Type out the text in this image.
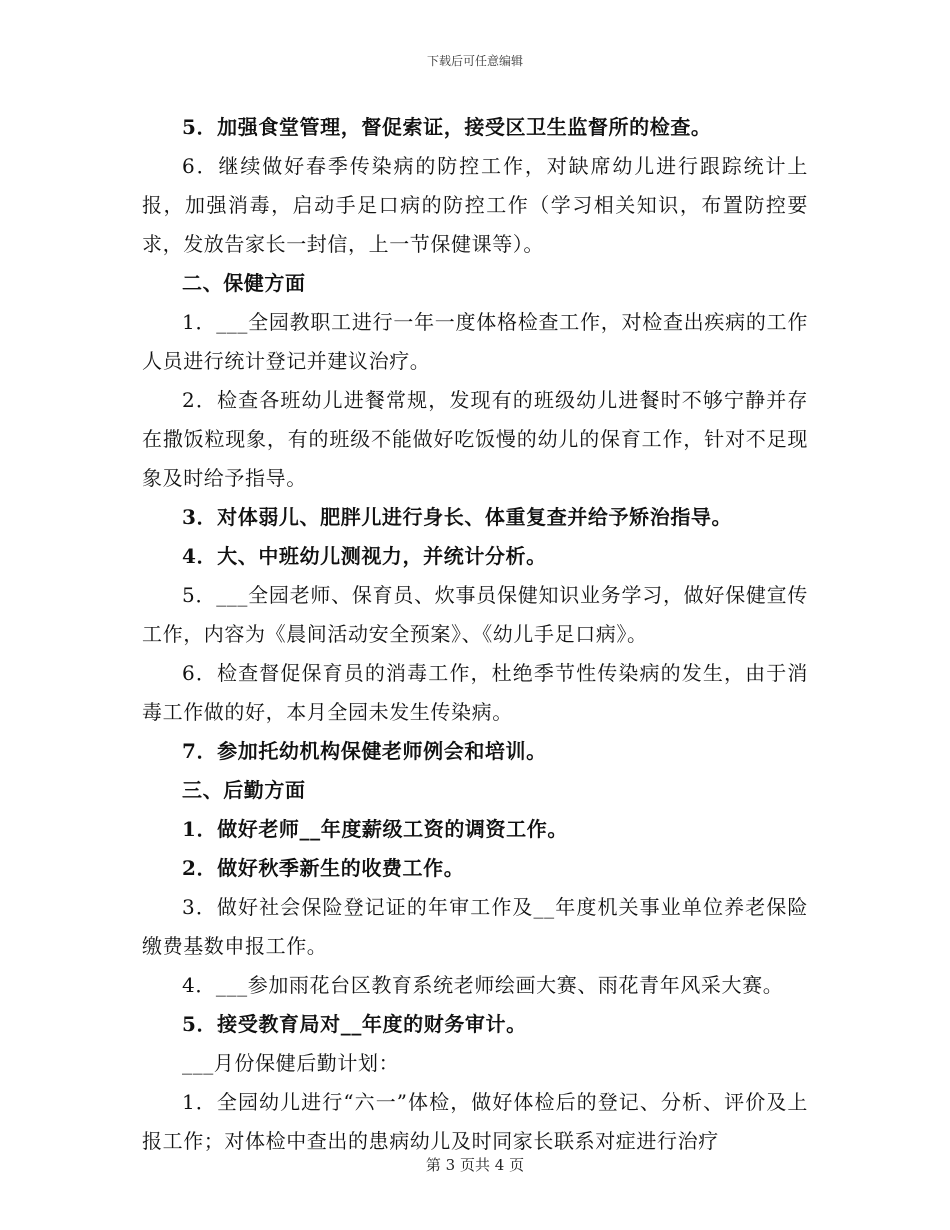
下载后可任意编辑

5．加强食堂管理，督促索证，接受区卫生监督所的检查。

6．继续做好春季传染病的防控工作，对缺席幼儿进行跟踪统计上报，加强消毒，启动手足口病的防控工作（学习相关知识，布置防控要求，发放告家长一封信，上一节保健课等）。

二、保健方面

1．___全园教职工进行一年一度体格检查工作，对检查出疾病的工作人员进行统计登记并建议治疗。

2．检查各班幼儿进餐常规，发现有的班级幼儿进餐时不够宁静并存在撒饭粒现象，有的班级不能做好吃饭慢的幼儿的保育工作，针对不足现象及时给予指导。

3．对体弱儿、肥胖儿进行身长、体重复查并给予矫治指导。

4．大、中班幼儿测视力，并统计分析。

5．___全园老师、保育员、炊事员保健知识业务学习，做好保健宣传工作，内容为《晨间活动安全预案》、《幼儿手足口病》。

6．检查督促保育员的消毒工作，杜绝季节性传染病的发生，由于消毒工作做的好，本月全园未发生传染病。

7．参加托幼机构保健老师例会和培训。

三、后勤方面

1．做好老师__年度薪级工资的调资工作。

2．做好秋季新生的收费工作。

3．做好社会保险登记证的年审工作及__年度机关事业单位养老保险缴费基数申报工作。

4．___参加雨花台区教育系统老师绘画大赛、雨花青年风采大赛。

5．接受教育局对__年度的财务审计。

___月份保健后勤计划：

1．全园幼儿进行“六一”体检，做好体检后的登记、分析、评价及上报工作；对体检中查出的患病幼儿及时同家长联系对症进行治疗

第 3 页共 4 页
